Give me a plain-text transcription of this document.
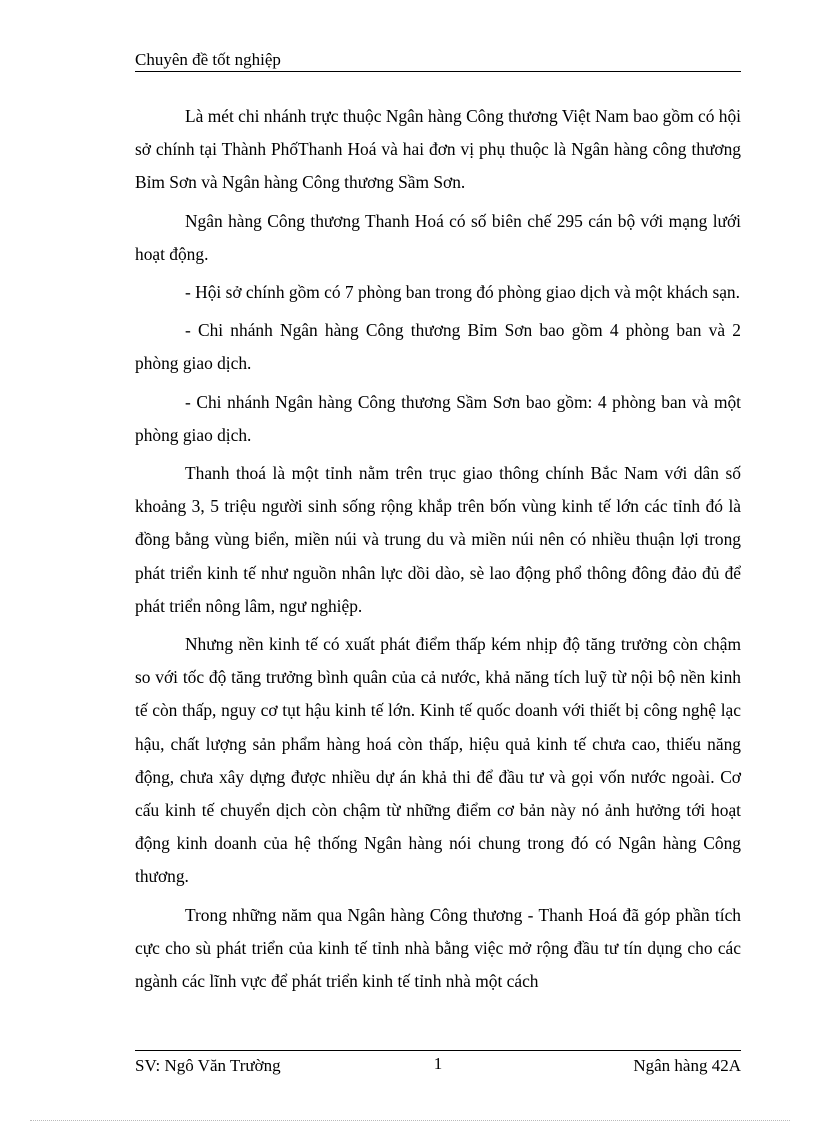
Chuyên đề tốt nghiệp

Là mét chi nhánh trực thuộc Ngân hàng Công thương Việt Nam bao gồm có hội sở chính tại Thành PhốThanh Hoá và hai đơn vị phụ thuộc là Ngân hàng công thương Bỉm Sơn và Ngân hàng Công thương Sầm Sơn.

Ngân hàng Công thương Thanh Hoá có số biên chế 295 cán bộ với mạng lưới hoạt động.

- Hội sở chính gồm có 7 phòng ban trong đó phòng giao dịch và một khách sạn.

- Chi nhánh Ngân hàng Công thương Bỉm Sơn bao gồm 4 phòng ban và 2 phòng giao dịch.

- Chi nhánh Ngân hàng Công thương Sầm Sơn bao gồm: 4 phòng ban và một phòng giao dịch.

Thanh thoá là một tỉnh nằm trên trục giao thông chính Bắc Nam với dân số khoảng 3, 5 triệu người sinh sống rộng khắp trên bốn vùng kinh tế lớn các tỉnh đó là đồng bằng vùng biển, miền núi và trung du và miền núi nên có nhiều thuận lợi trong phát triển kinh tế như nguồn nhân lực dồi dào, sè lao động phổ thông đông đảo đủ để phát triển nông lâm, ngư nghiệp.

Nhưng nền kinh tế có xuất phát điểm thấp kém nhịp độ tăng trưởng còn chậm so với tốc độ tăng trưởng bình quân của cả nước, khả năng tích luỹ từ nội bộ nền kinh tế còn thấp, nguy cơ tụt hậu kinh tế lớn. Kinh tế quốc doanh với thiết bị công nghệ lạc hậu, chất lượng sản phẩm hàng hoá còn thấp, hiệu quả kinh tế chưa cao, thiếu năng động, chưa xây dựng được nhiều dự án khả thi để đầu tư và gọi vốn nước ngoài. Cơ cấu kinh tế chuyển dịch còn chậm từ những điểm cơ bản này nó ảnh hưởng tới hoạt động kinh doanh của hệ thống Ngân hàng nói chung trong đó có Ngân hàng Công thương.

Trong những năm qua Ngân hàng Công thương - Thanh Hoá đã góp phần tích cực cho sù phát triển của kinh tế tỉnh nhà bằng việc mở rộng đầu tư tín dụng cho các ngành các lĩnh vực để phát triển kinh tế tỉnh nhà một cách

SV: Ngô Văn Trường	1	Ngân hàng 42A
